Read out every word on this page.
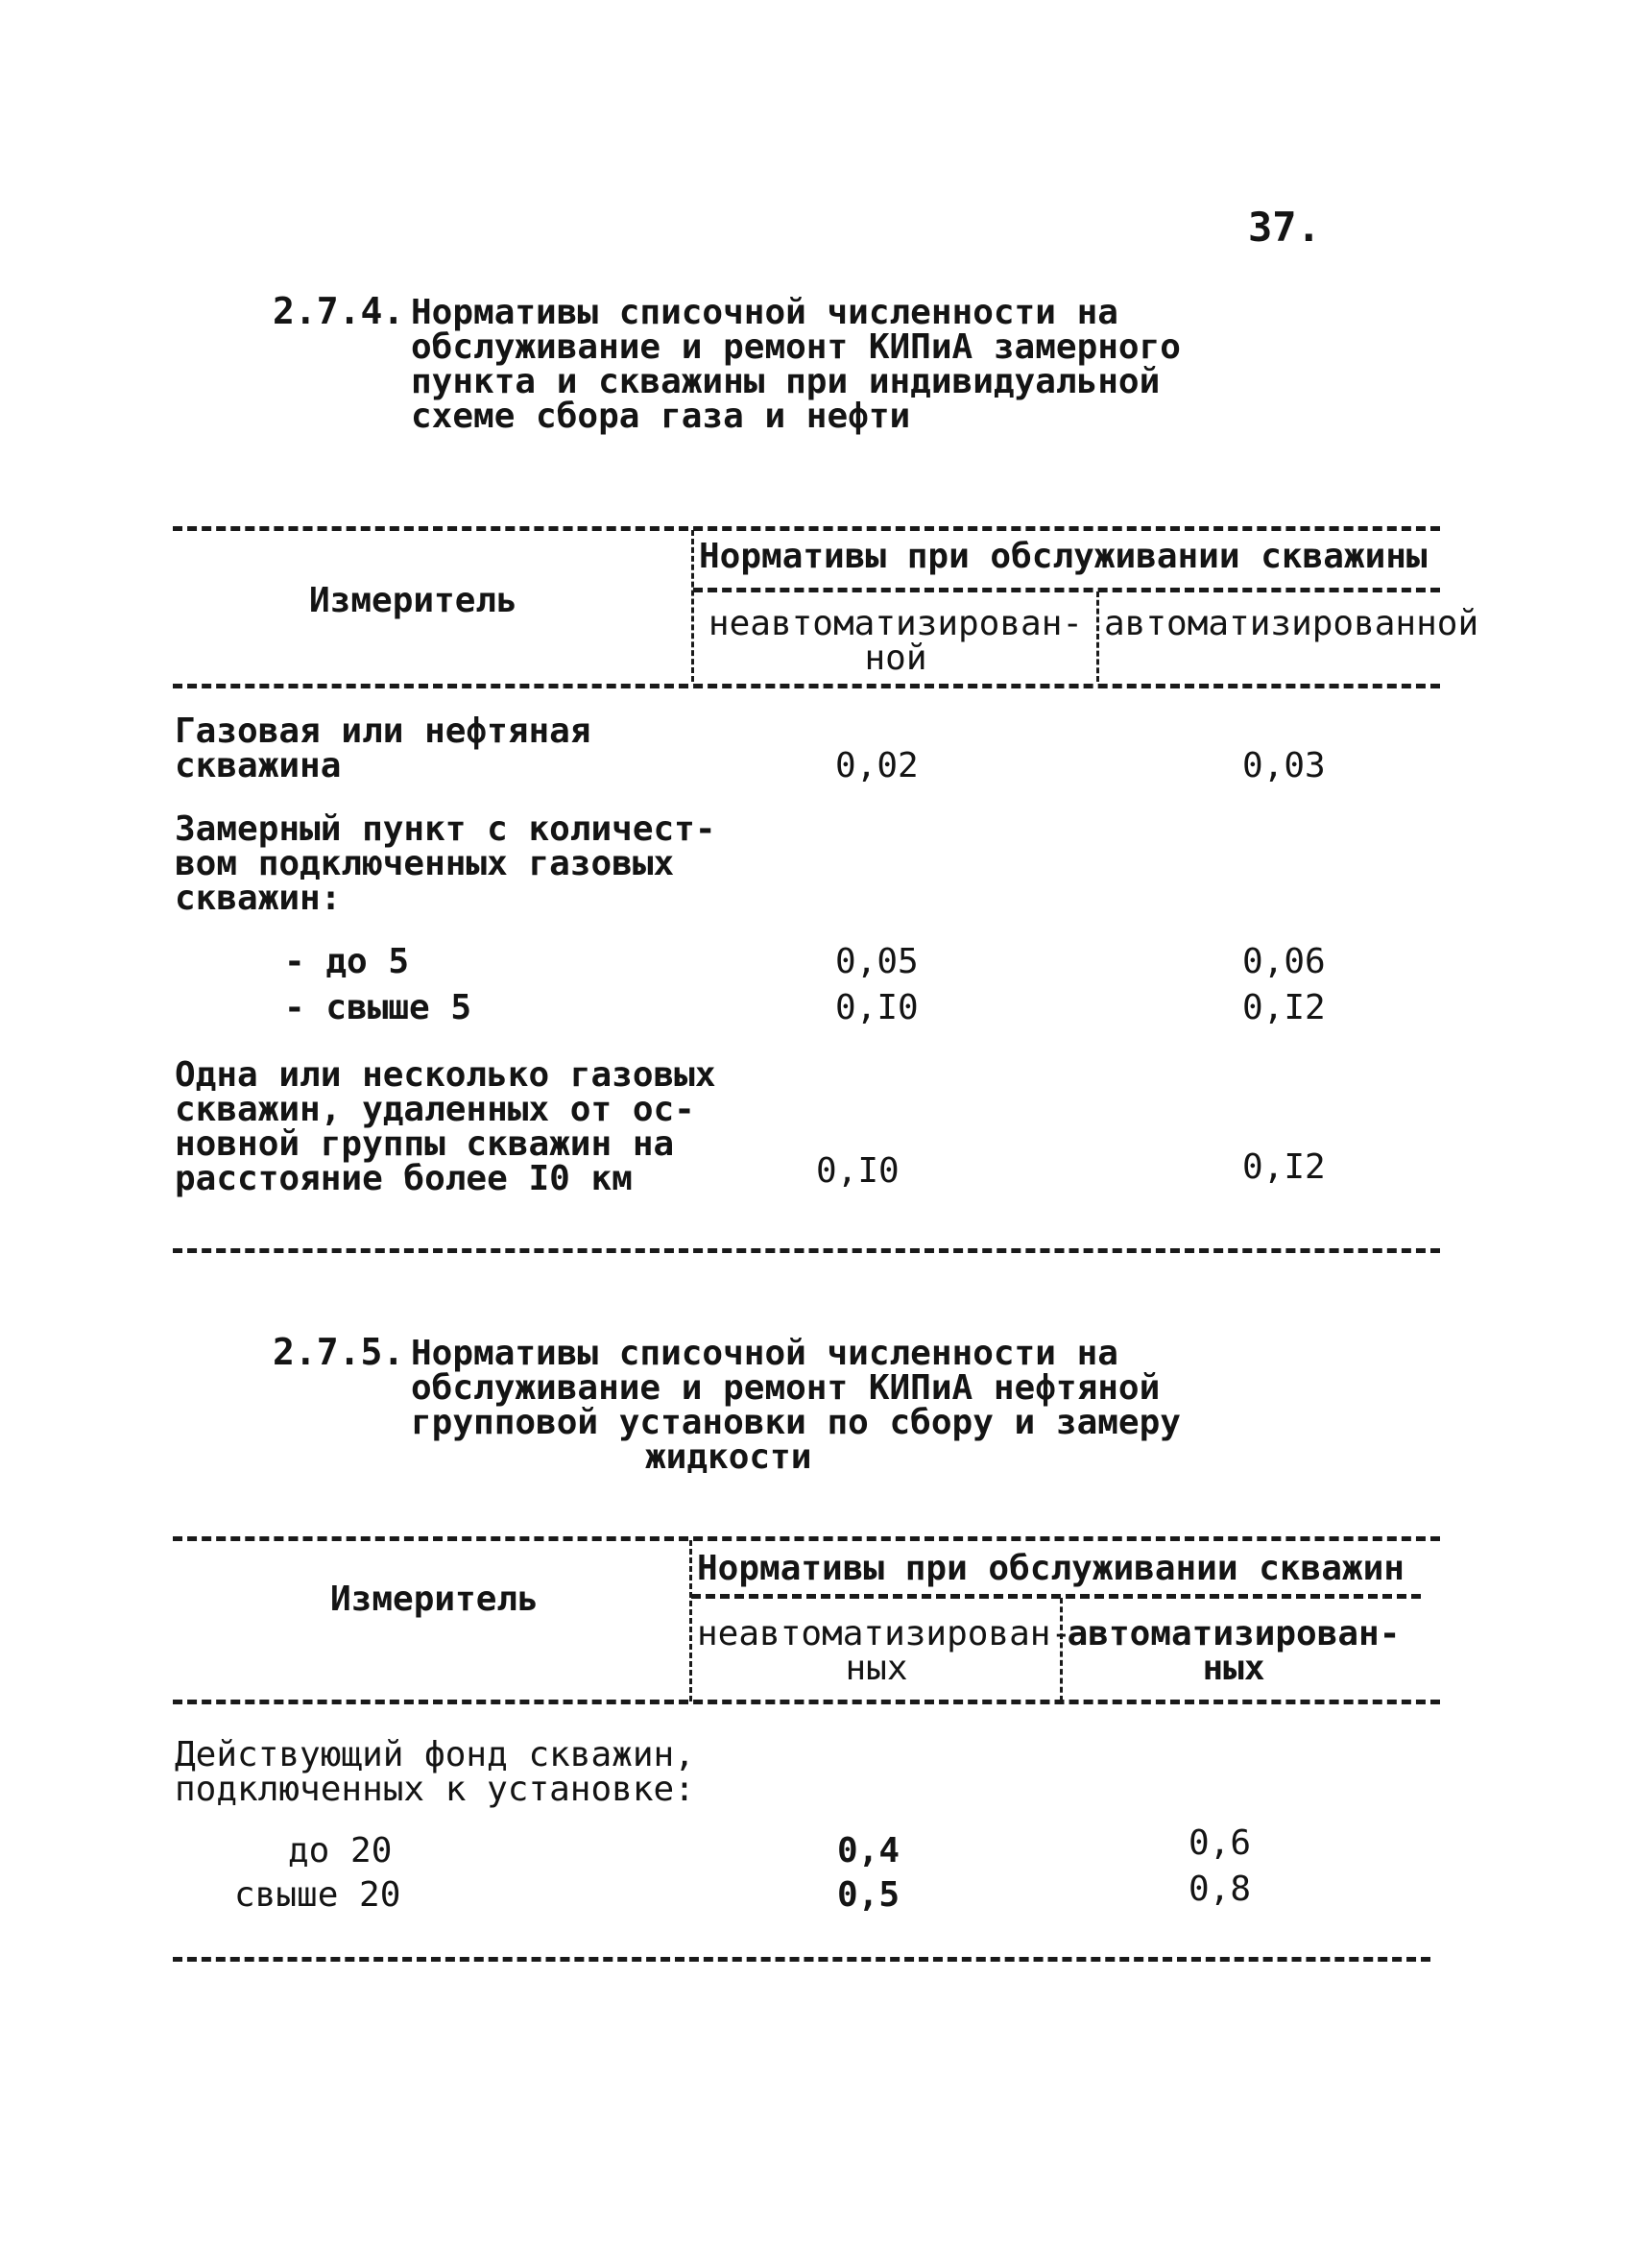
37.
2.7.4. Нормативы списочной численности на
обслуживание и ремонт КИПиА замерного
пункта и скважины при индивидуальной
схеме сбора газа и нефти
Нормативы при обслуживании скважины
Измеритель
неавтоматизирован-
ной
автоматизированной
Газовая или нефтяная
скважина	0,02	0,03
Замерный пункт с количест-
вом подключенных газовых
скважин:
- до 5	0,05	0,06
- свыше 5	0,I0	0,I2
Одна или несколько газовых
скважин, удаленных от ос-
новной группы скважин на
расстояние более I0 км	0,I0	0,I2
2.7.5. Нормативы списочной численности на
обслуживание и ремонт КИПиА нефтяной
групповой установки по сбору и замеру
жидкости
Нормативы при обслуживании скважин
Измеритель
неавтоматизирован-
ных
автоматизирован-
ных
Действующий фонд скважин,
подключенных к установке:
до 20	0,4	0,6
свыше 20	0,5	0,8
